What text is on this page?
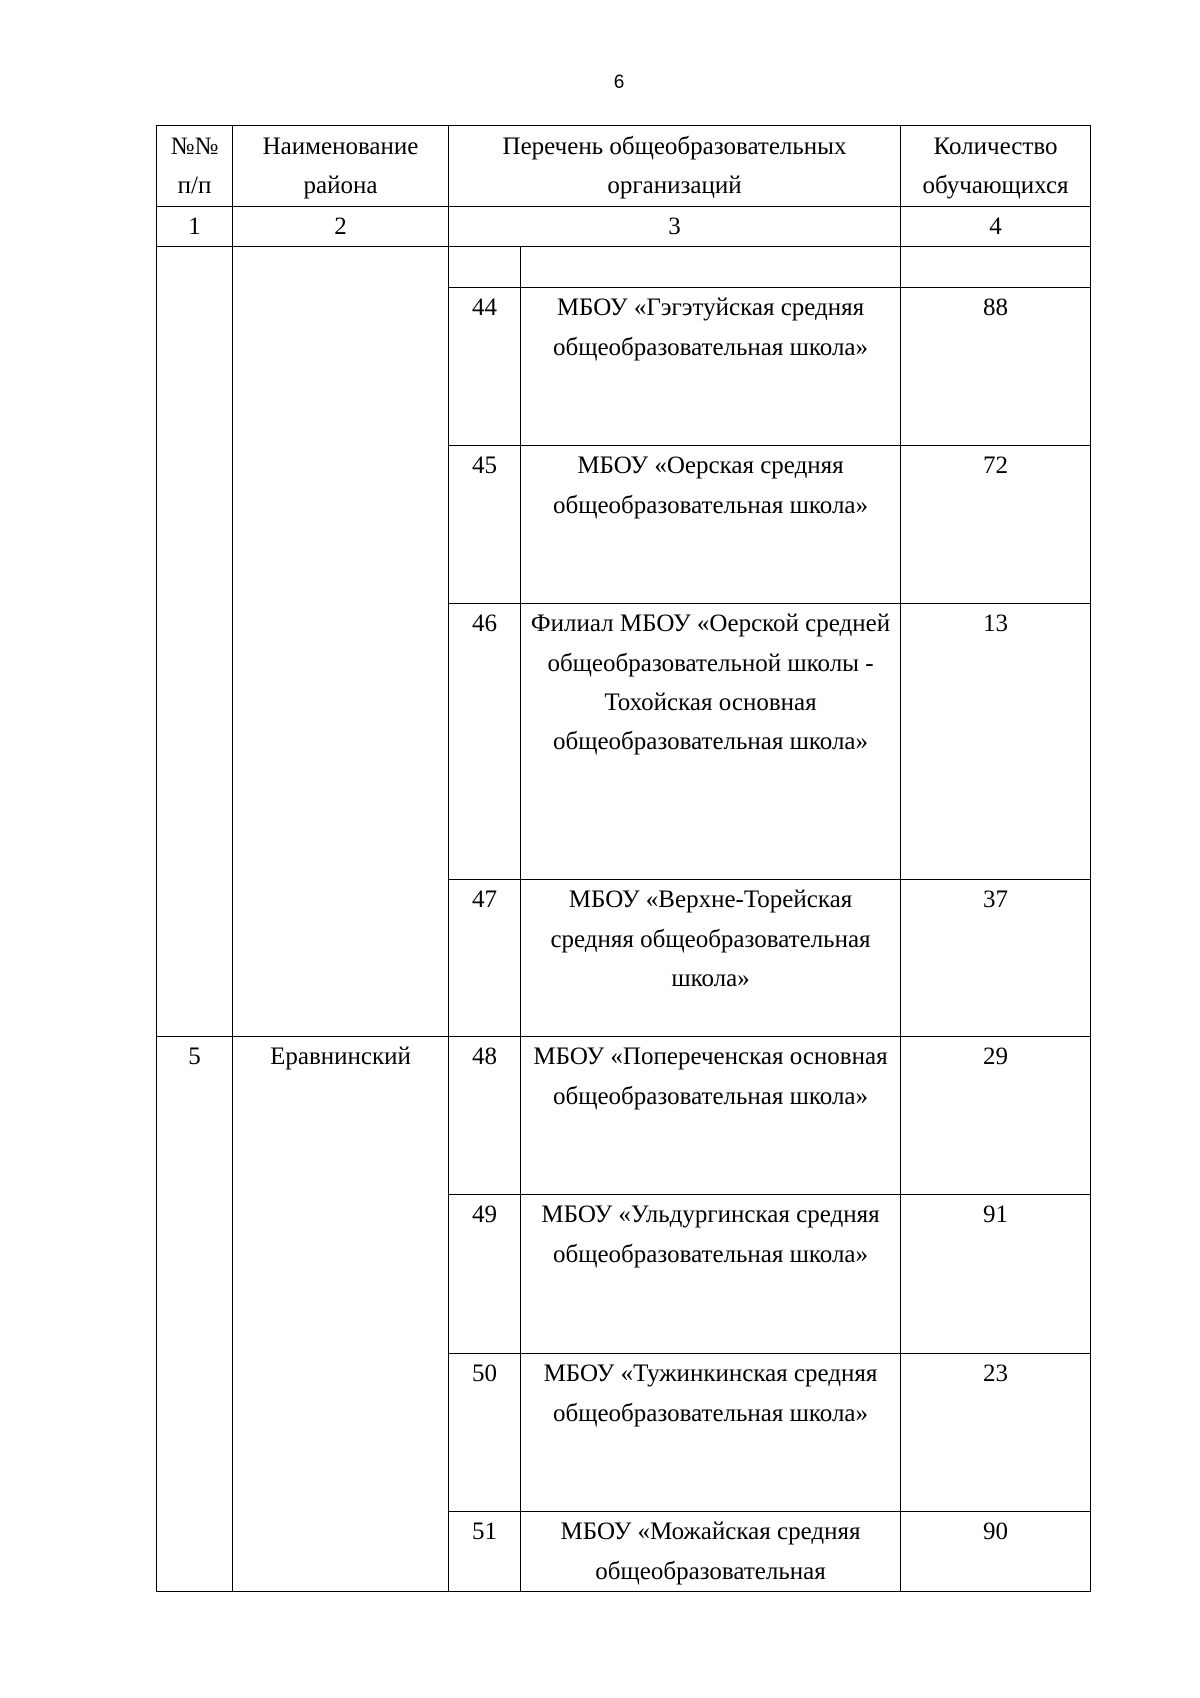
6
№№ п/п	Наименование района	Перечень общеобразовательных организаций		Количество обучающихся
1	2	3		4

		44	МБОУ «Гэгэтуйская средняя общеобразовательная школа»	88
		45	МБОУ «Оерская средняя общеобразовательная школа»	72
		46	Филиал МБОУ «Оерской средней общеобразовательной школы - Тохойская основная общеобразовательная школа»	13
		47	МБОУ «Верхне-Торейская средняя общеобразовательная школа»	37
5	Еравнинский	48	МБОУ «Попереченская основная общеобразовательная школа»	29
		49	МБОУ «Ульдургинская средняя общеобразовательная школа»	91
		50	МБОУ «Тужинкинская средняя общеобразовательная школа»	23
		51	МБОУ «Можайская средняя общеобразовательная	90
